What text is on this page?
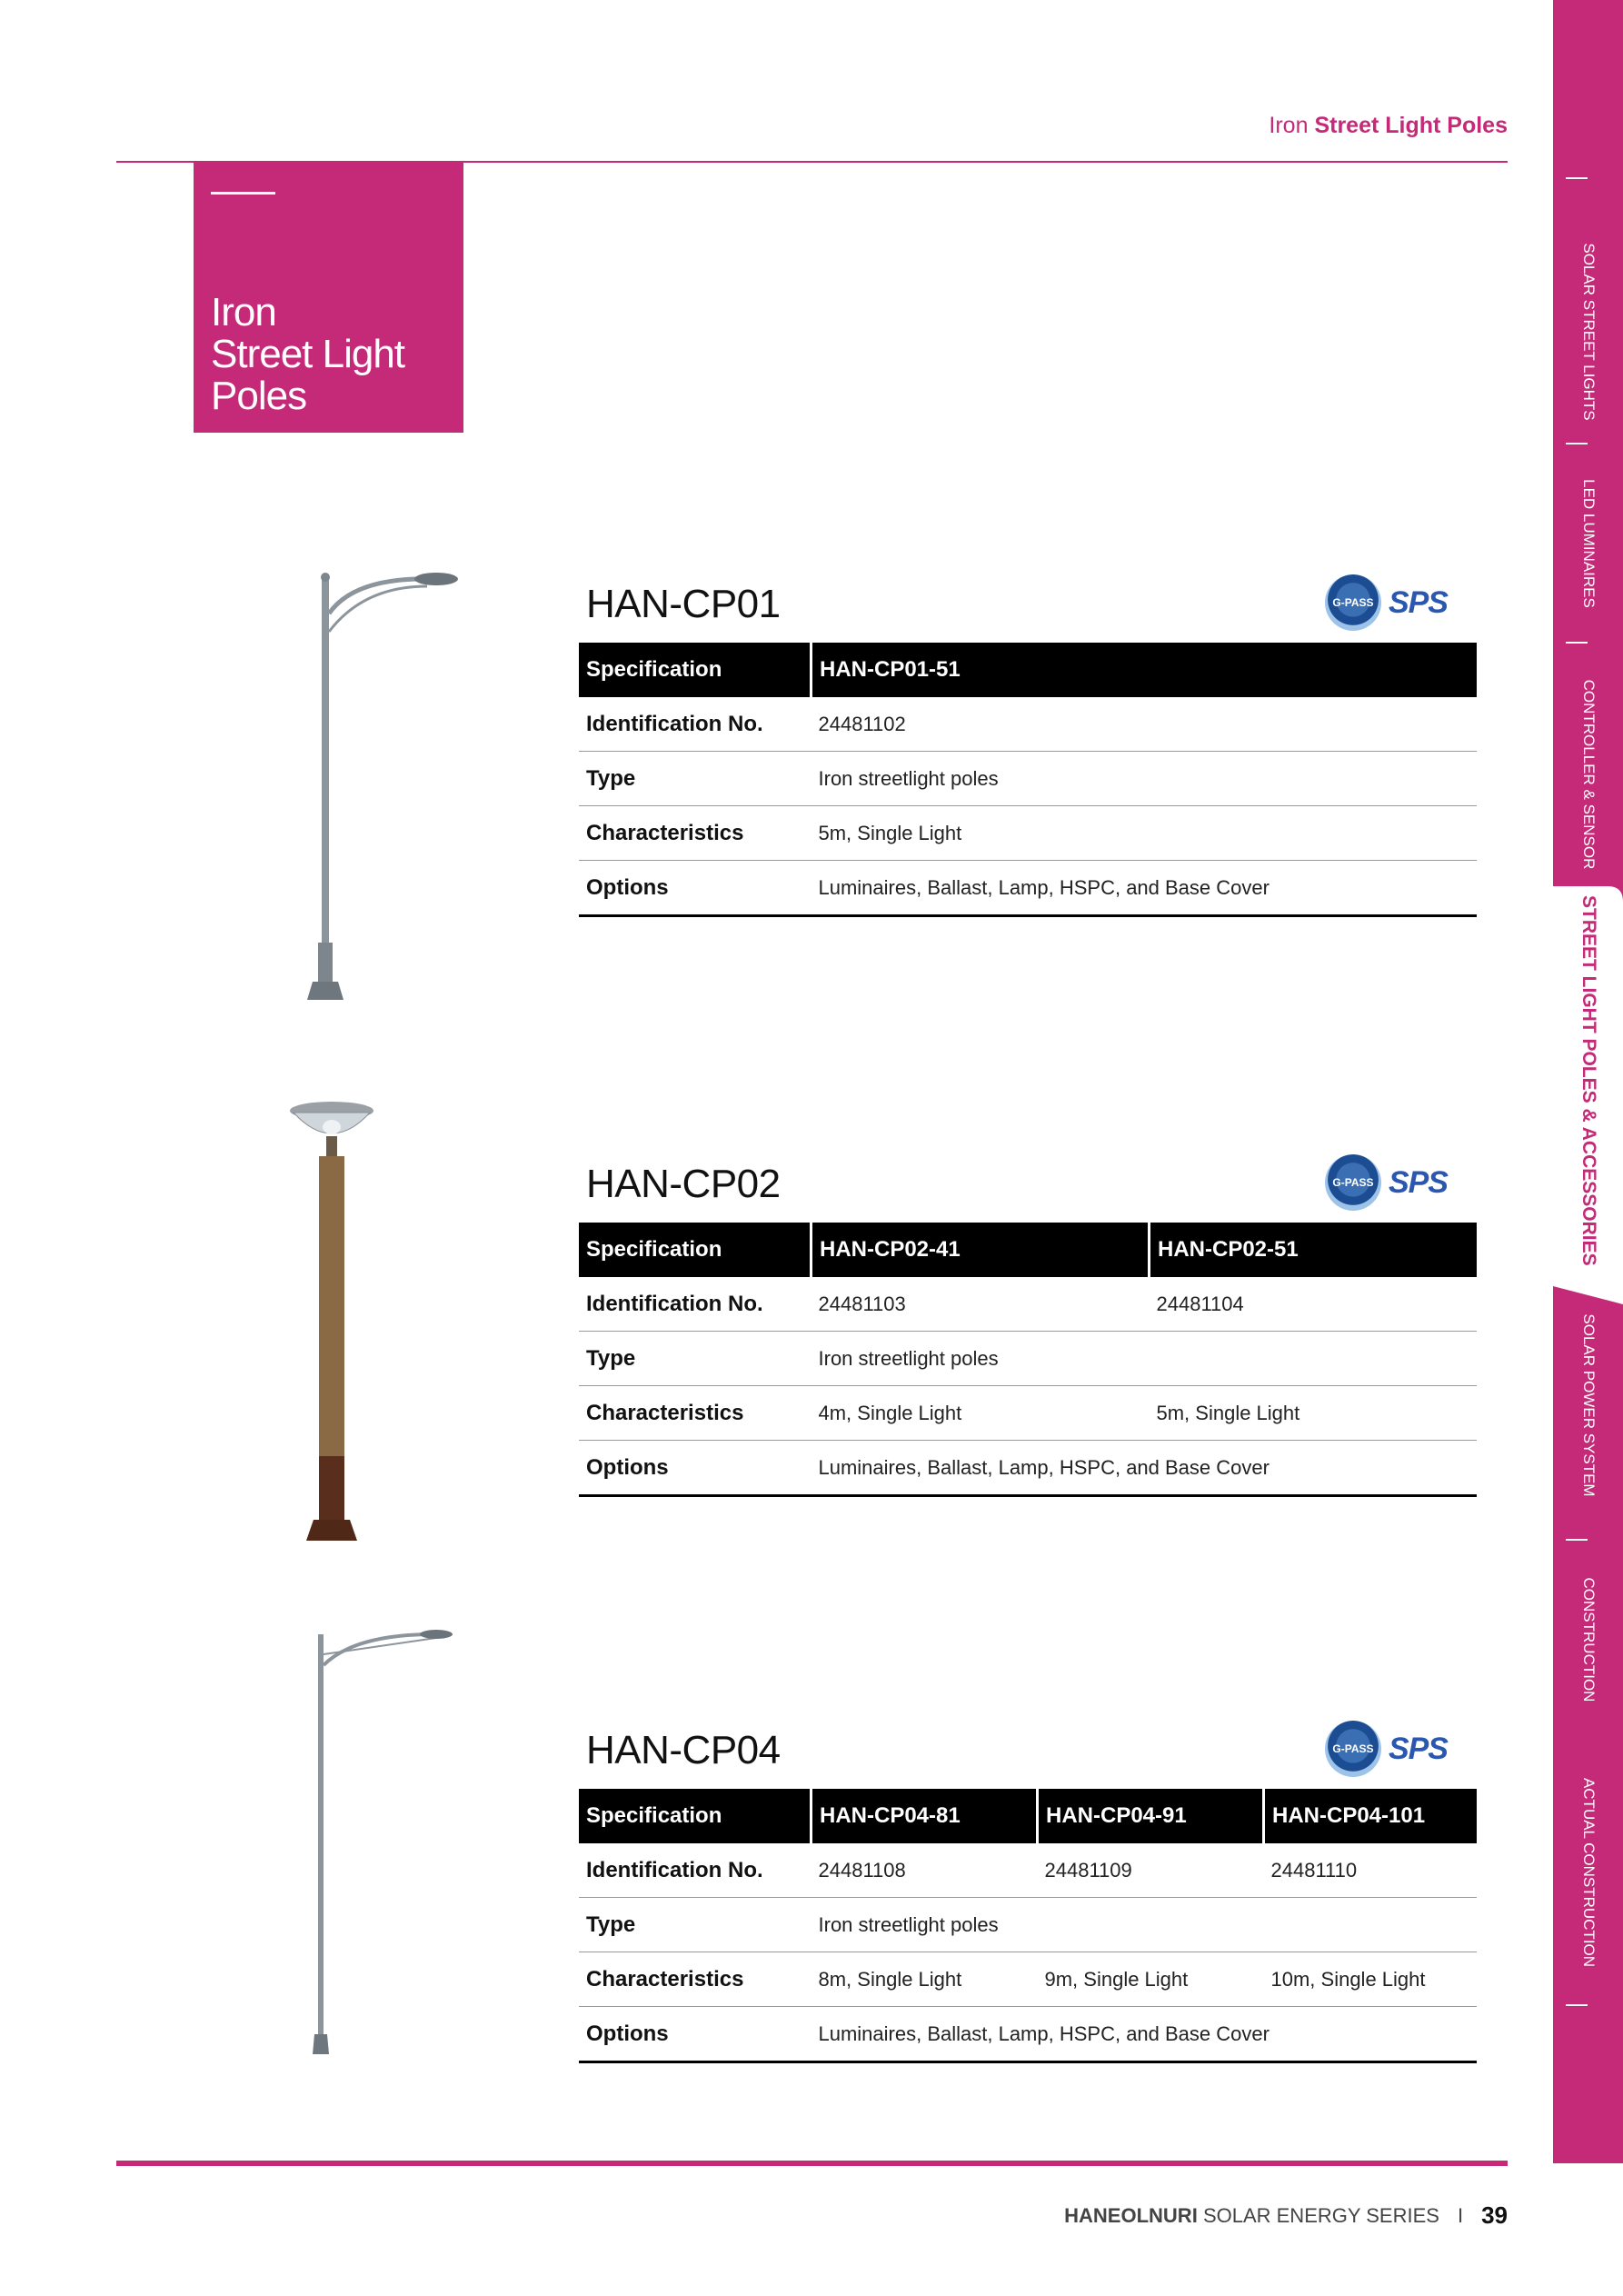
Iron Street Light Poles
Iron
Street Light
Poles	SOLAR STREET LIGHTS
LED LUMINAIRES
CONTROLLER & SENSOR
STREET LIGHT POLES & ACCESSORIES
SOLAR POWER SYSTEM
CONSTRUCTION
ACTUAL CONSTRUCTION
HAN-CP01	G-PASS SPS
Specification	HAN-CP01-51
Identification No.	24481102
Type	Iron streetlight poles
Characteristics	5m, Single Light
Options	Luminaires, Ballast, Lamp, HSPC, and Base Cover
HAN-CP02	G-PASS SPS
Specification	HAN-CP02-41	HAN-CP02-51
Identification No.	24481103	24481104
Type	Iron streetlight poles	
Characteristics	4m, Single Light	5m, Single Light
Options	Luminaires, Ballast, Lamp, HSPC, and Base Cover	
HAN-CP04	G-PASS SPS
Specification	HAN-CP04-81	HAN-CP04-91	HAN-CP04-101
Identification No.	24481108	24481109	24481110
Type	Iron streetlight poles		
Characteristics	8m, Single Light	9m, Single Light	10m, Single Light
Options	Luminaires, Ballast, Lamp, HSPC, and Base Cover		
HANEOLNURI SOLAR ENERGY SERIES I 39
